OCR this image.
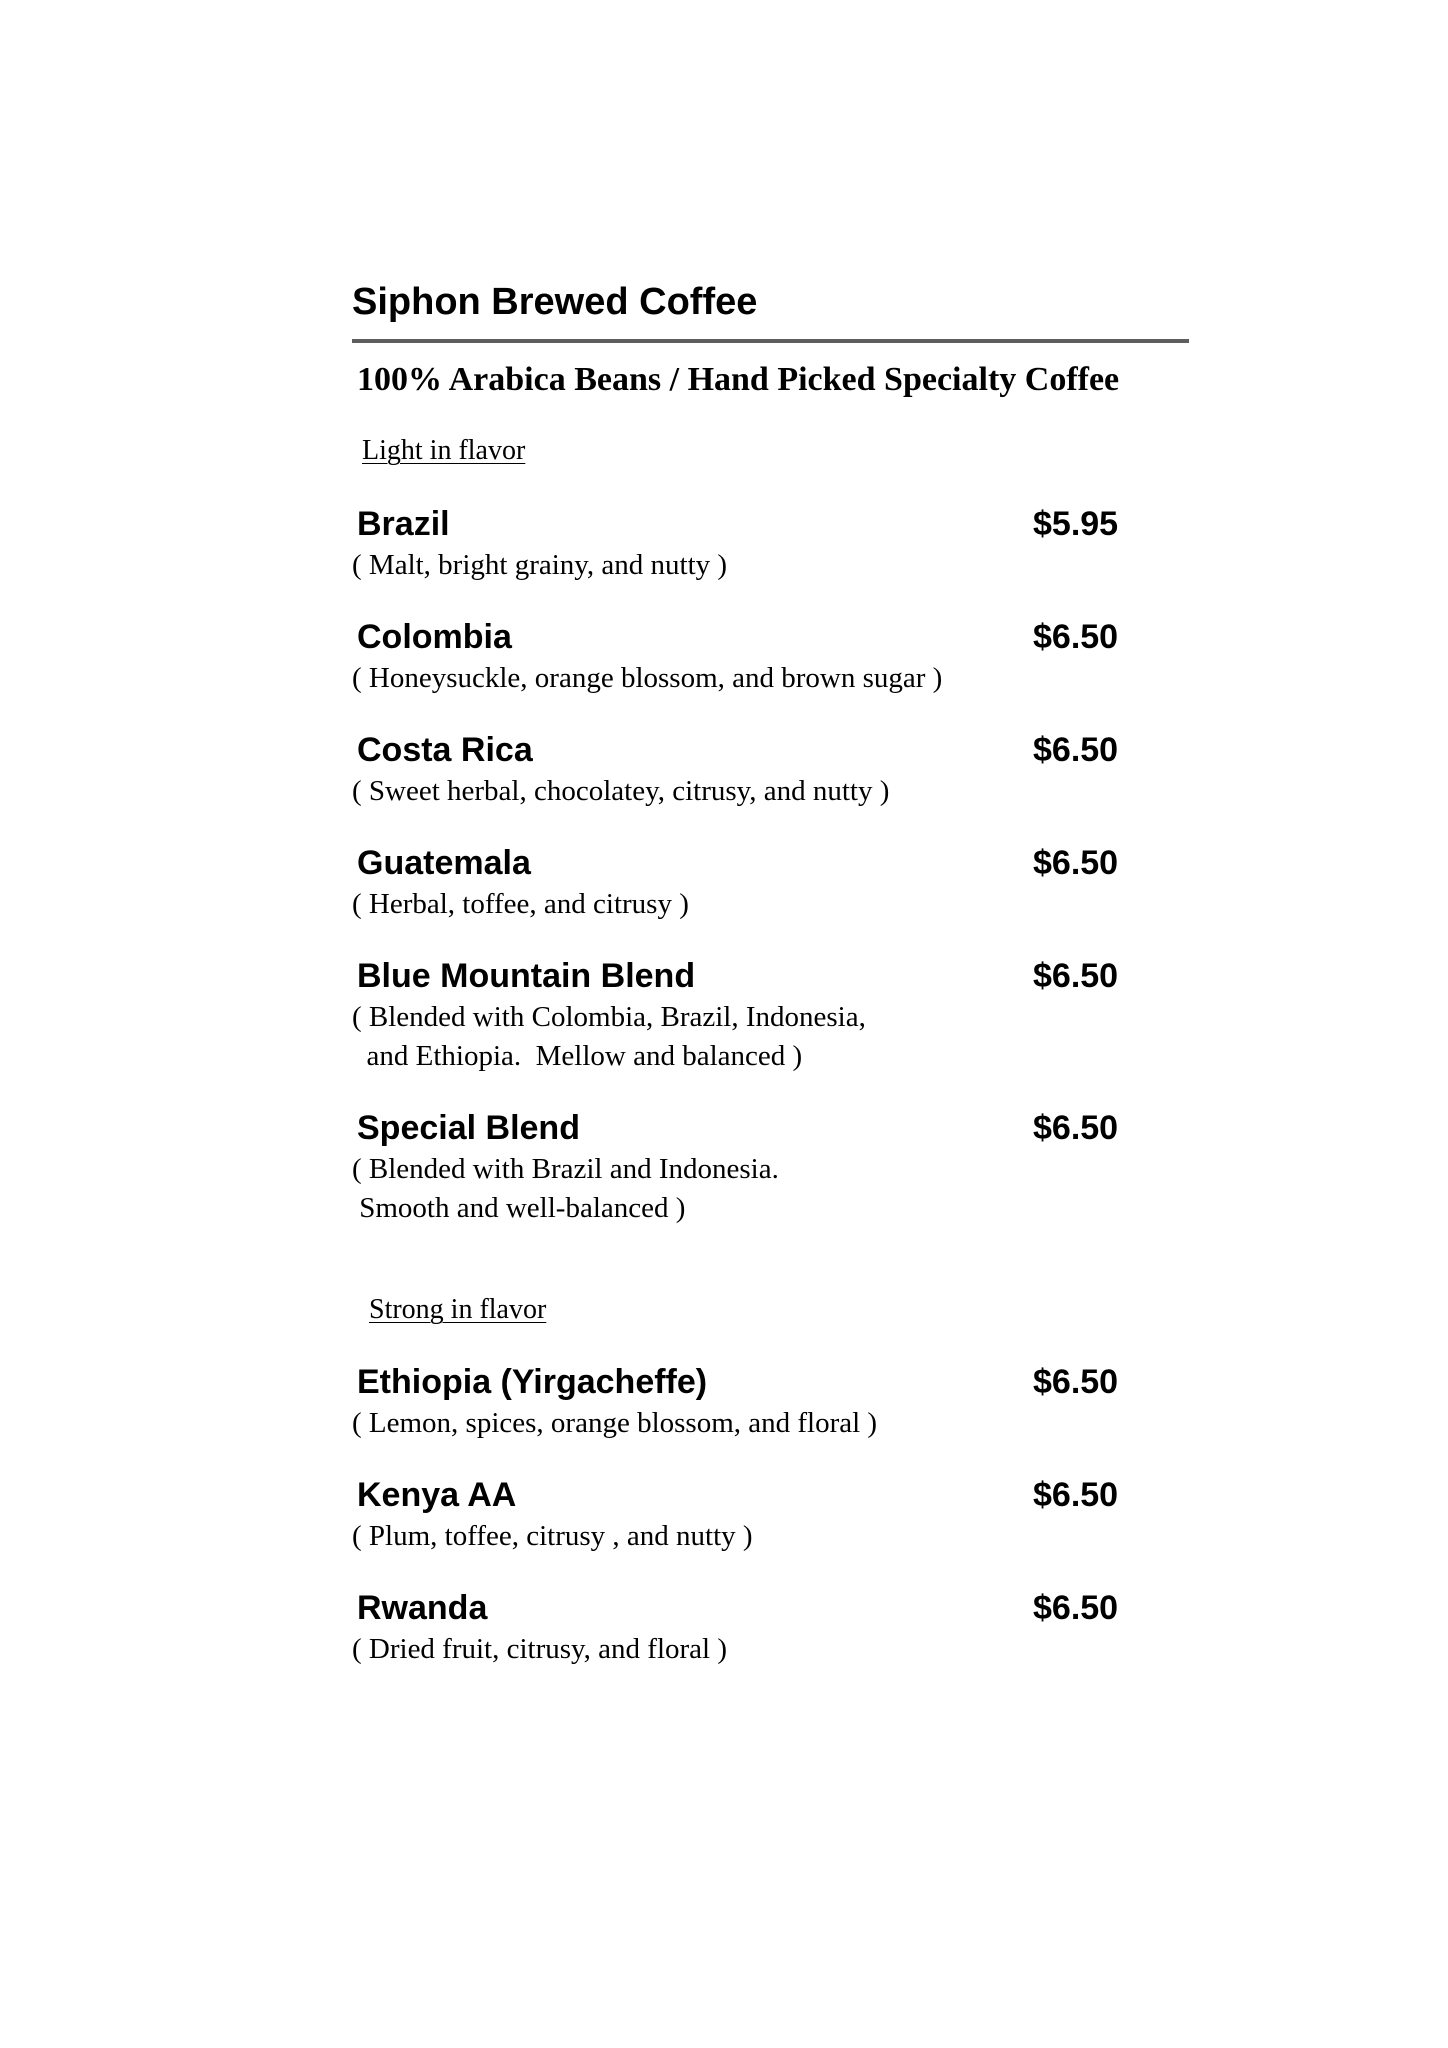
Siphon Brewed Coffee
100% Arabica Beans / Hand Picked Specialty Coffee
Light in flavor
Brazil	$5.95
( Malt, bright grainy, and nutty )
Colombia	$6.50
( Honeysuckle, orange blossom, and brown sugar )
Costa Rica	$6.50
( Sweet herbal, chocolatey, citrusy, and nutty )
Guatemala	$6.50
( Herbal, toffee, and citrusy )
Blue Mountain Blend	$6.50
( Blended with Colombia, Brazil, Indonesia,
and Ethiopia.  Mellow and balanced )
Special Blend	$6.50
( Blended with Brazil and Indonesia.
Smooth and well-balanced )
Strong in flavor
Ethiopia (Yirgacheffe)	$6.50
( Lemon, spices, orange blossom, and floral )
Kenya AA	$6.50
( Plum, toffee, citrusy , and nutty )
Rwanda	$6.50
( Dried fruit, citrusy, and floral )
